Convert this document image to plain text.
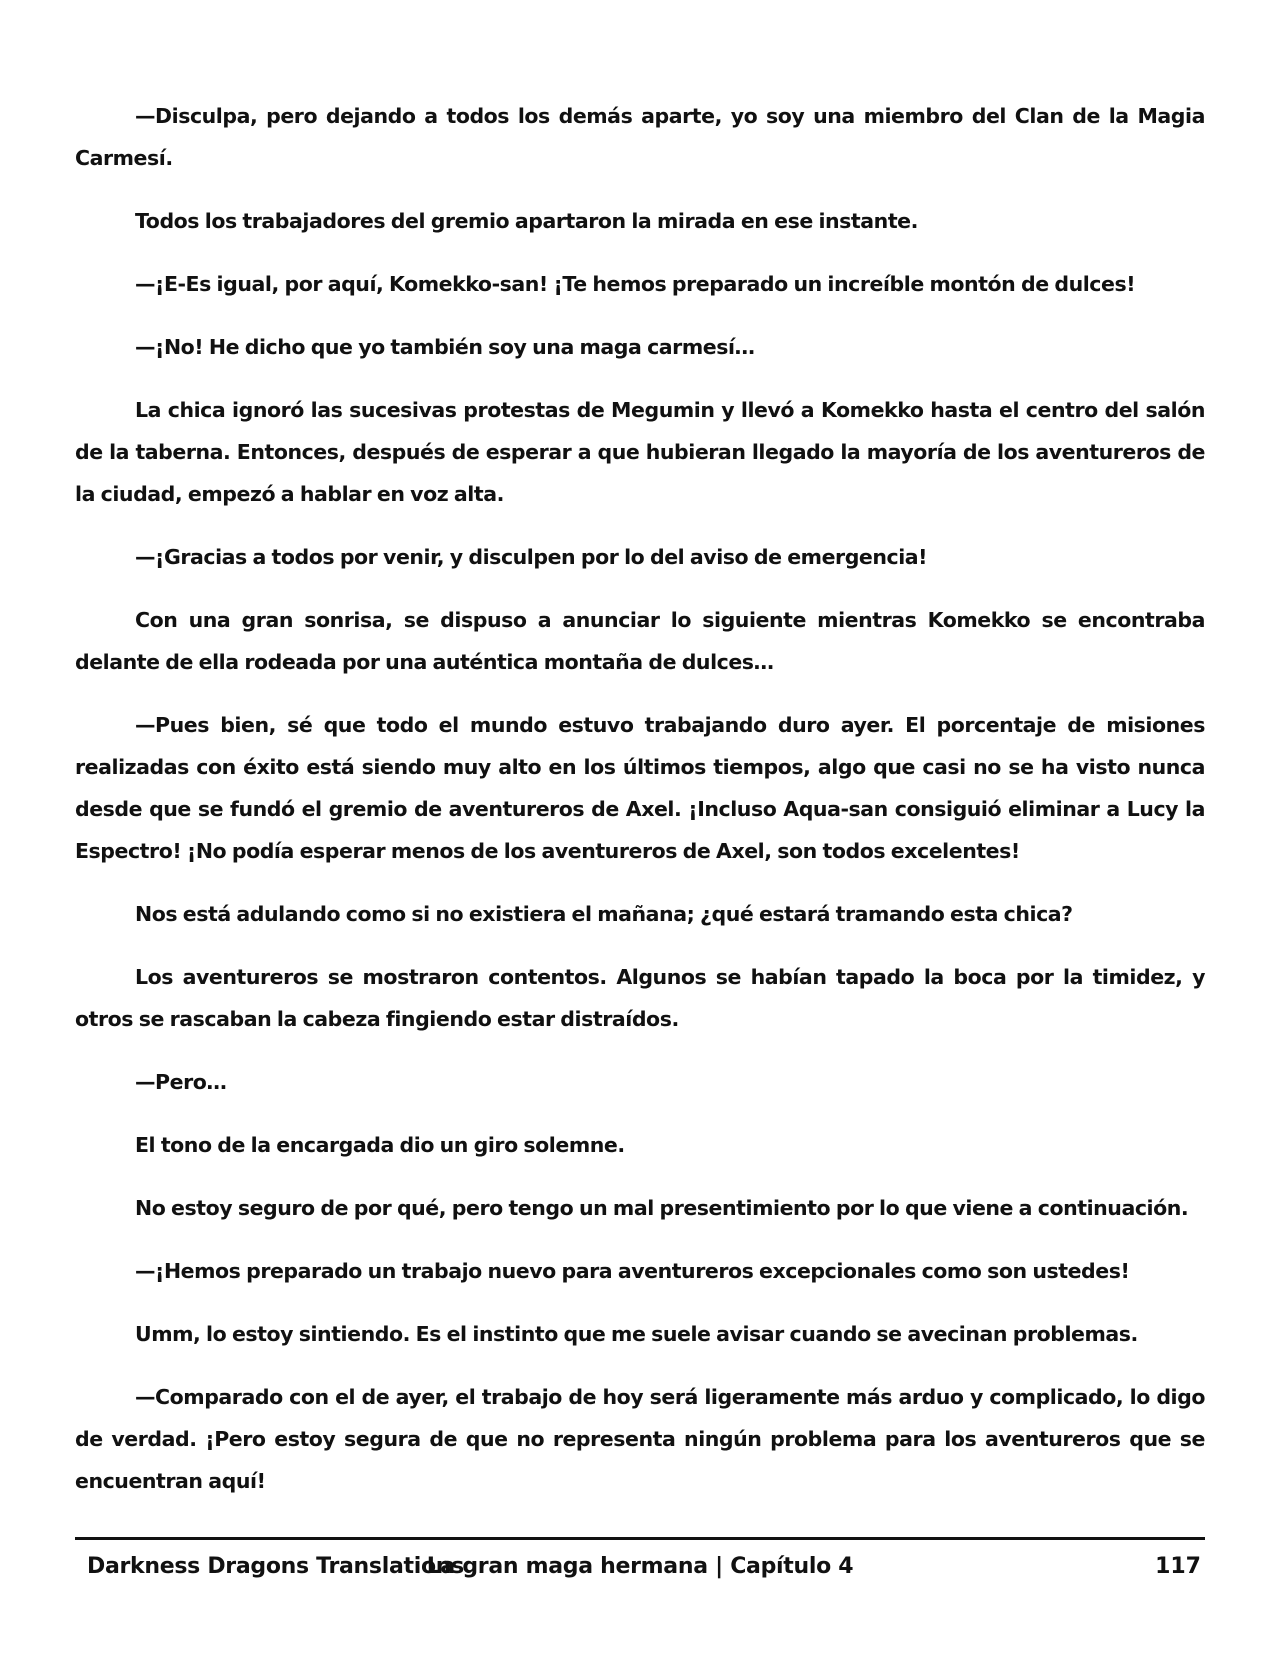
—Disculpa, pero dejando a todos los demás aparte, yo soy una miembro del Clan de la Magia Carmesí.

Todos los trabajadores del gremio apartaron la mirada en ese instante.

—¡E-Es igual, por aquí, Komekko-san! ¡Te hemos preparado un increíble montón de dulces!

—¡No! He dicho que yo también soy una maga carmesí…

La chica ignoró las sucesivas protestas de Megumin y llevó a Komekko hasta el centro del salón de la taberna. Entonces, después de esperar a que hubieran llegado la mayoría de los aventureros de la ciudad, empezó a hablar en voz alta.

—¡Gracias a todos por venir, y disculpen por lo del aviso de emergencia!

Con una gran sonrisa, se dispuso a anunciar lo siguiente mientras Komekko se encontraba delante de ella rodeada por una auténtica montaña de dulces…

—Pues bien, sé que todo el mundo estuvo trabajando duro ayer. El porcentaje de misiones realizadas con éxito está siendo muy alto en los últimos tiempos, algo que casi no se ha visto nunca desde que se fundó el gremio de aventureros de Axel. ¡Incluso Aqua-san consiguió eliminar a Lucy la Espectro! ¡No podía esperar menos de los aventureros de Axel, son todos excelentes!

Nos está adulando como si no existiera el mañana; ¿qué estará tramando esta chica?

Los aventureros se mostraron contentos. Algunos se habían tapado la boca por la timidez, y otros se rascaban la cabeza fingiendo estar distraídos.

—Pero…

El tono de la encargada dio un giro solemne.

No estoy seguro de por qué, pero tengo un mal presentimiento por lo que viene a continuación.

—¡Hemos preparado un trabajo nuevo para aventureros excepcionales como son ustedes!

Umm, lo estoy sintiendo. Es el instinto que me suele avisar cuando se avecinan problemas.

—Comparado con el de ayer, el trabajo de hoy será ligeramente más arduo y complicado, lo digo de verdad. ¡Pero estoy segura de que no representa ningún problema para los aventureros que se encuentran aquí!

Darkness Dragons Translations
La gran maga hermana | Capítulo 4	117
